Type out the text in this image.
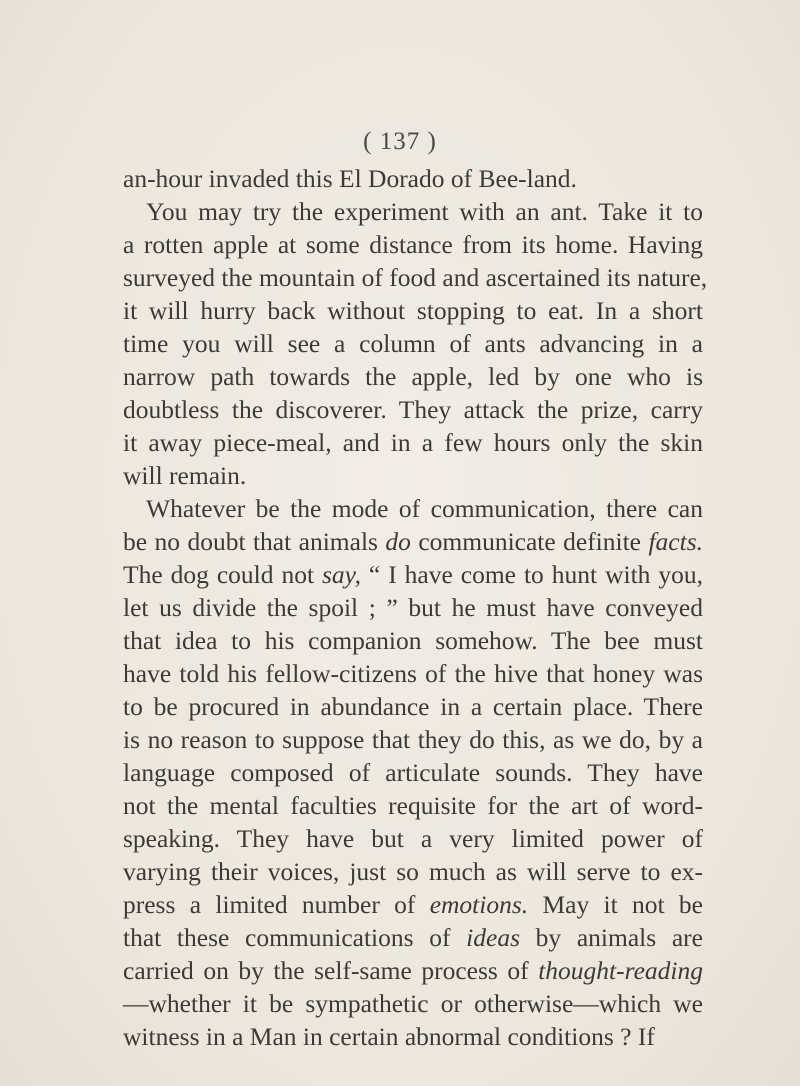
( 137 )
an-hour invaded this El Dorado of Bee-land.
You may try the experiment with an ant. Take it to
a rotten apple at some distance from its home. Having
surveyed the mountain of food and ascertained its nature,
it will hurry back without stopping to eat. In a short
time you will see a column of ants advancing in a
narrow path towards the apple, led by one who is
doubtless the discoverer. They attack the prize, carry
it away piece-meal, and in a few hours only the skin
will remain.
Whatever be the mode of communication, there can
be no doubt that animals do communicate definite facts.
The dog could not say, “ I have come to hunt with you,
let us divide the spoil ; ” but he must have conveyed
that idea to his companion somehow. The bee must
have told his fellow-citizens of the hive that honey was
to be procured in abundance in a certain place. There
is no reason to suppose that they do this, as we do, by a
language composed of articulate sounds. They have
not the mental faculties requisite for the art of word-
speaking. They have but a very limited power of
varying their voices, just so much as will serve to ex-
press a limited number of emotions. May it not be
that these communications of ideas by animals are
carried on by the self-same process of thought-reading
—whether it be sympathetic or otherwise—which we
witness in a Man in certain abnormal conditions ? If
